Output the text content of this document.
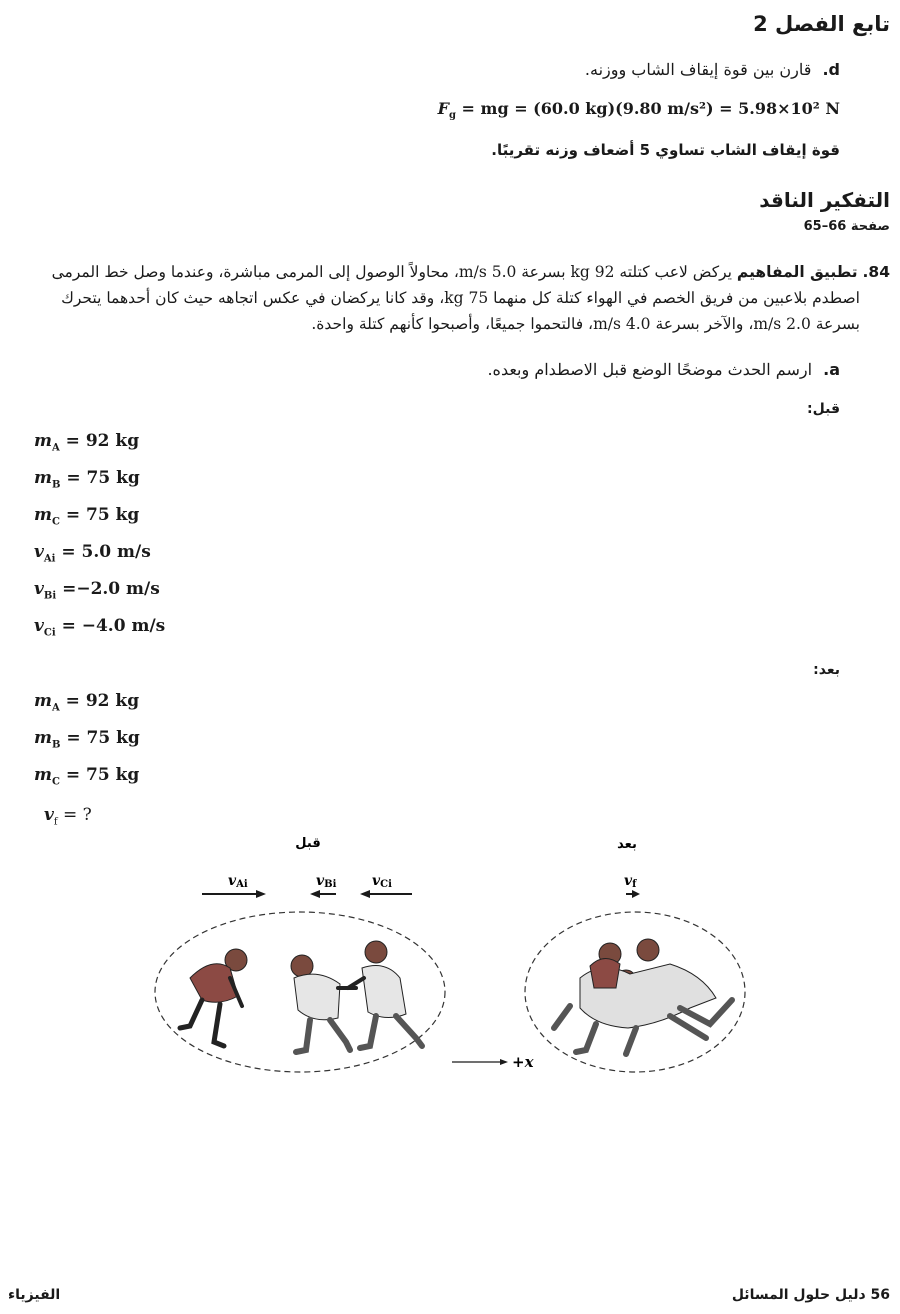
تابع الفصل 2
d. قارن بين قوة إيقاف الشاب ووزنه.
$F_g$ = mg = (60.0 kg)(9.80 m/s²) = 5.98×10² N
قوة إيقاف الشاب تساوي 5 أضعاف وزنه تقريبًا.
التفكير الناقد
صفحة 66–65
84. تطبيق المفاهيم يركض لاعب كتلته 92 kg بسرعة 5.0 m/s، محاولاً الوصول إلى المرمى مباشرة، وعندما وصل خط المرمى
اصطدم بلاعبين من فريق الخصم في الهواء كتلة كل منهما 75 kg، وقد كانا يركضان في عكس اتجاهه حيث كان أحدهما يتحرك
بسرعة 2.0 m/s، والآخر بسرعة 4.0 m/s، فالتحموا جميعًا، وأصبحوا كأنهم كتلة واحدة.
a. ارسم الحدث موضحًا الوضع قبل الاصطدام وبعده.
قبل:
$m_A = 92$ kg
$m_B = 75$ kg
$m_C = 75$ kg
$v_{Ai} = 5.0$ m/s
$v_{Bi} =-2.0$ m/s
$v_{Ci} = -4.0$ m/s
بعد:
$m_A = 92$ kg
$m_B = 75$ kg
$m_C = 75$ kg
$v_f$ = ?
قبل	بعد
vAi	vBi	vCi	vf
+x
الفيزياء	56 دليل حلول المسائل
